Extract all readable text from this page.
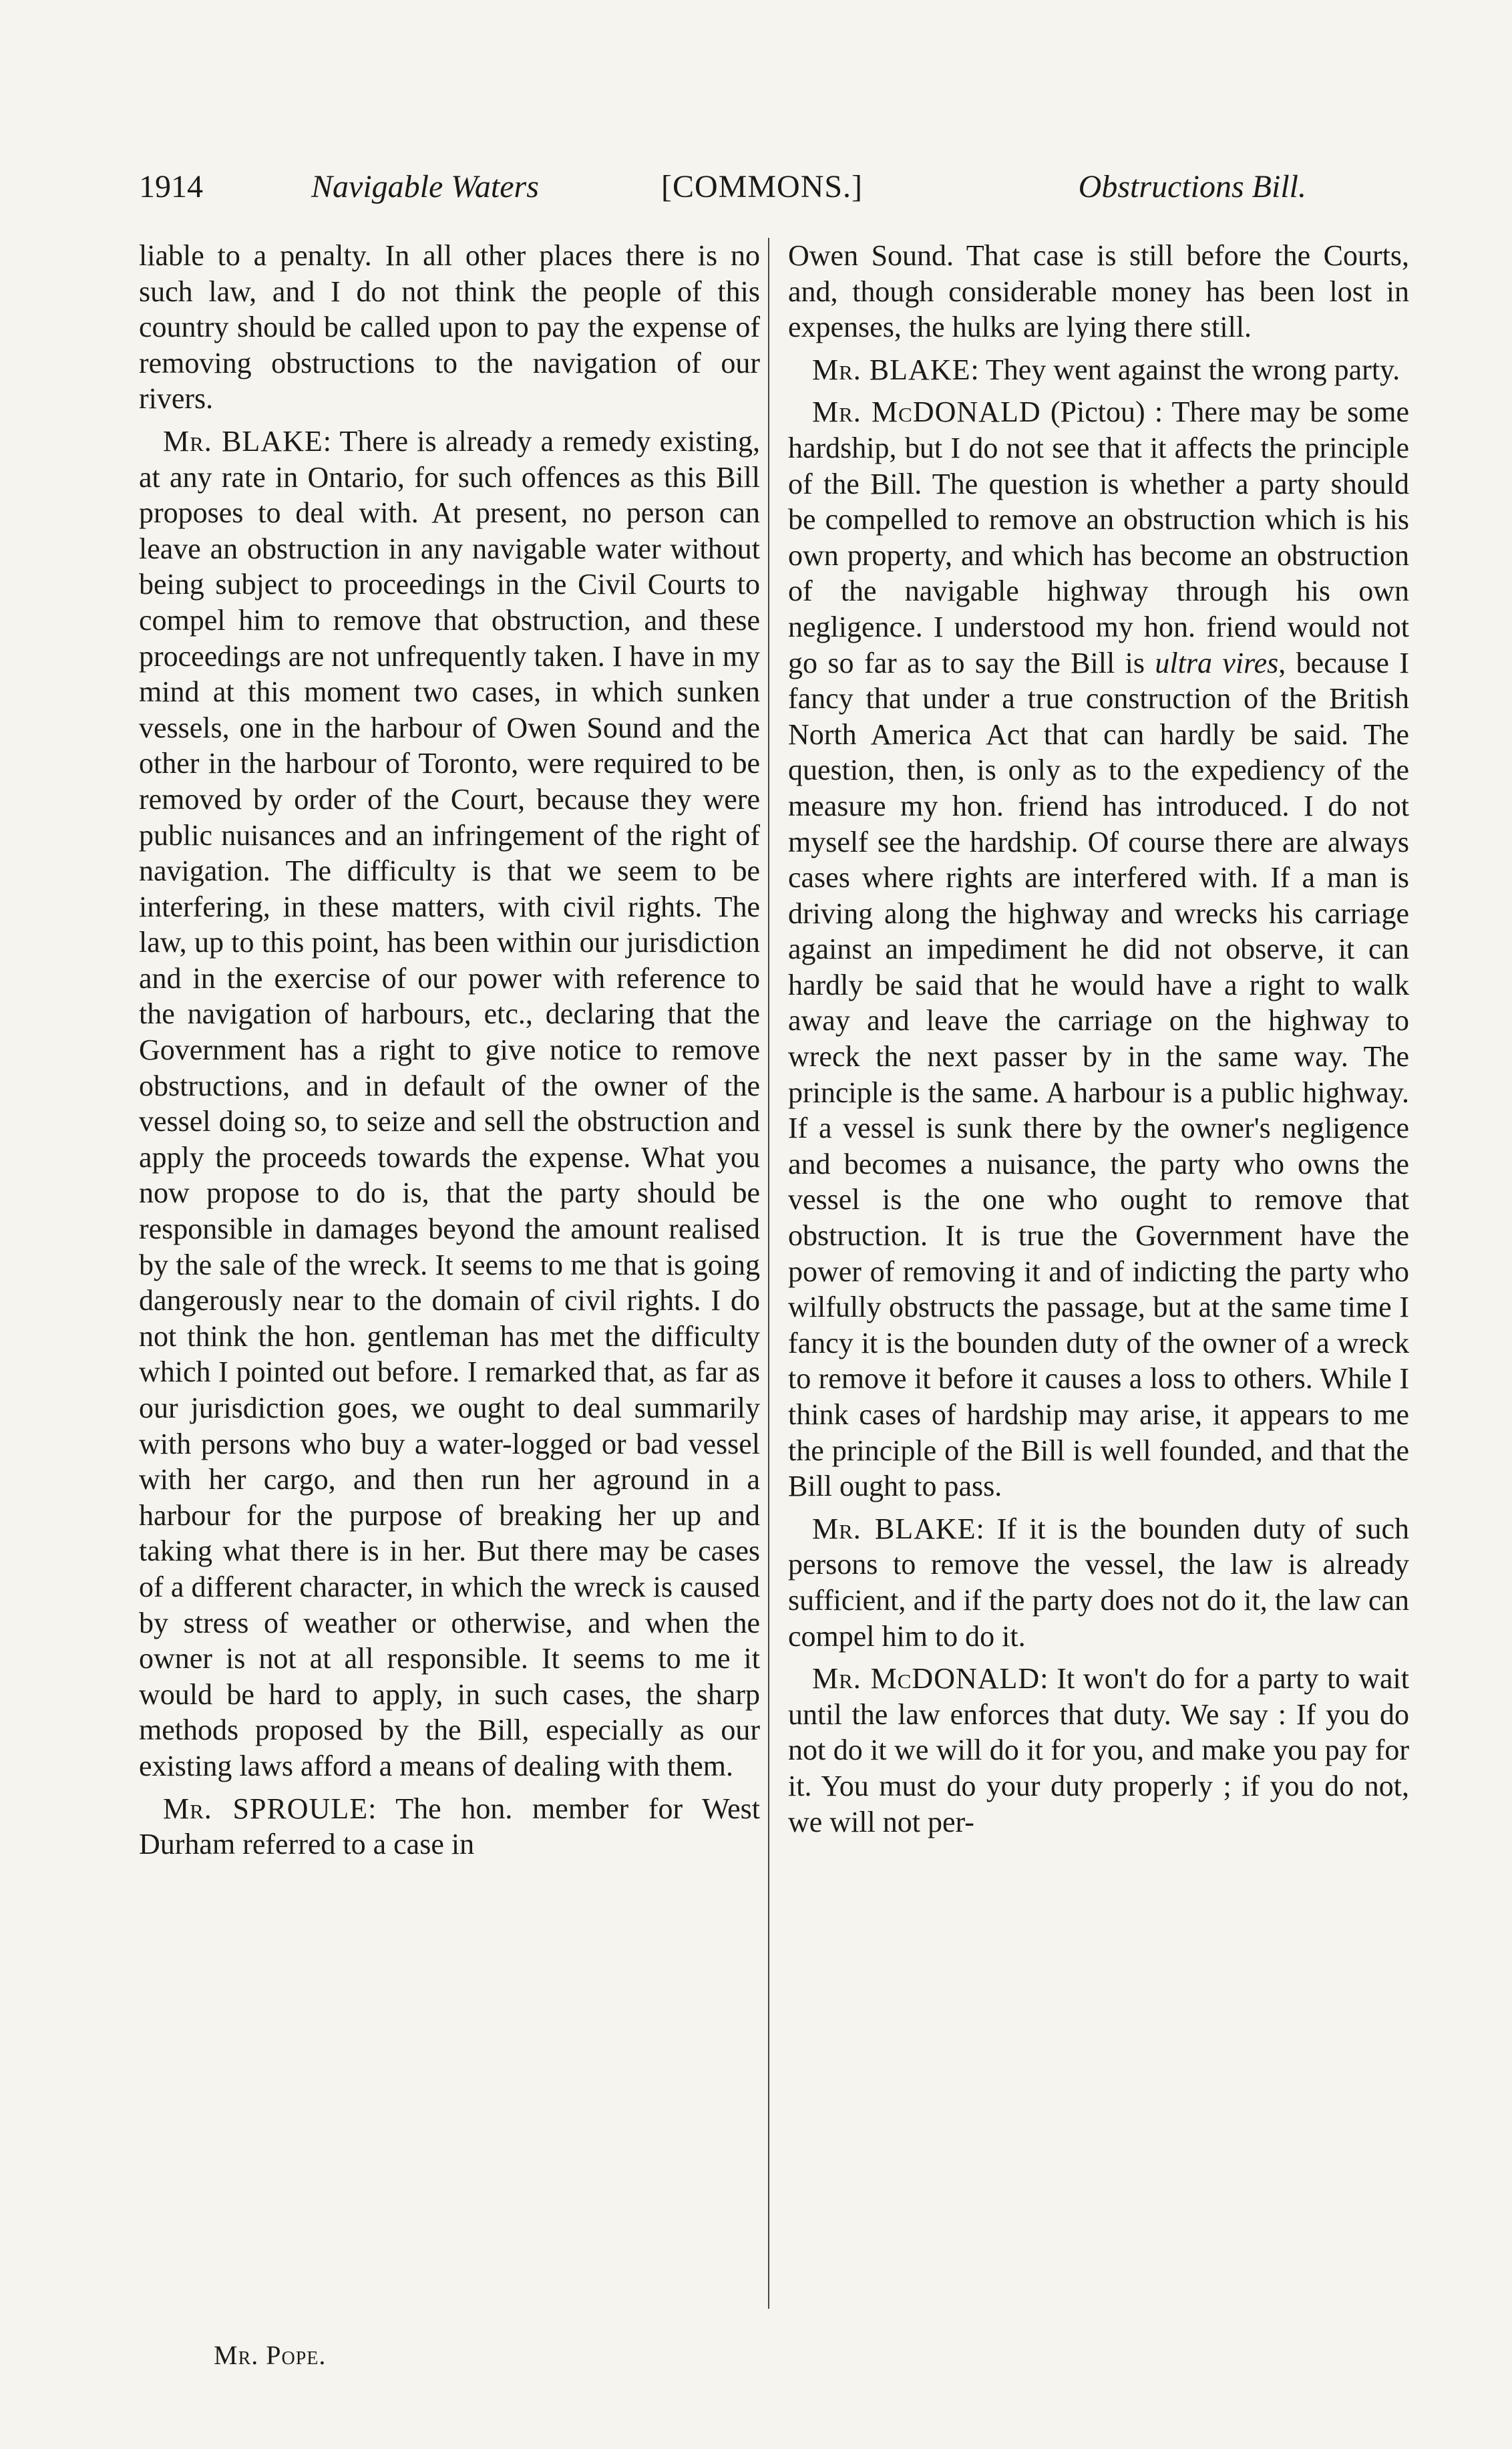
1914	Navigable Waters	[COMMONS.]	Obstructions Bill.

liable to a penalty. In all other places there is no such law, and I do not think the people of this country should be called upon to pay the expense of removing obstructions to the navigation of our rivers.

Mr. BLAKE: There is already a remedy existing, at any rate in Ontario, for such offences as this Bill proposes to deal with. At present, no person can leave an obstruction in any navigable water without being subject to proceedings in the Civil Courts to compel him to remove that obstruction, and these proceedings are not unfrequently taken. I have in my mind at this moment two cases, in which sunken vessels, one in the harbour of Owen Sound and the other in the harbour of Toronto, were required to be removed by order of the Court, because they were public nuisances and an infringement of the right of navigation. The difficulty is that we seem to be interfering, in these matters, with civil rights. The law, up to this point, has been within our jurisdiction and in the exercise of our power with reference to the navigation of harbours, etc., declaring that the Government has a right to give notice to remove obstructions, and in default of the owner of the vessel doing so, to seize and sell the obstruction and apply the proceeds towards the expense. What you now propose to do is, that the party should be responsible in damages beyond the amount realised by the sale of the wreck. It seems to me that is going dangerously near to the domain of civil rights. I do not think the hon. gentleman has met the difficulty which I pointed out before. I remarked that, as far as our jurisdiction goes, we ought to deal summarily with persons who buy a water-logged or bad vessel with her cargo, and then run her aground in a harbour for the purpose of breaking her up and taking what there is in her. But there may be cases of a different character, in which the wreck is caused by stress of weather or otherwise, and when the owner is not at all responsible. It seems to me it would be hard to apply, in such cases, the sharp methods proposed by the Bill, especially as our existing laws afford a means of dealing with them.

Mr. SPROULE: The hon. member for West Durham referred to a case in

Owen Sound. That case is still before the Courts, and, though considerable money has been lost in expenses, the hulks are lying there still.

Mr. BLAKE: They went against the wrong party.

Mr. McDONALD (Pictou) : There may be some hardship, but I do not see that it affects the principle of the Bill. The question is whether a party should be compelled to remove an obstruction which is his own property, and which has become an obstruction of the navigable highway through his own negligence. I understood my hon. friend would not go so far as to say the Bill is ultra vires, because I fancy that under a true construction of the British North America Act that can hardly be said. The question, then, is only as to the expediency of the measure my hon. friend has introduced. I do not myself see the hardship. Of course there are always cases where rights are interfered with. If a man is driving along the highway and wrecks his carriage against an impediment he did not observe, it can hardly be said that he would have a right to walk away and leave the carriage on the highway to wreck the next passer by in the same way. The principle is the same. A harbour is a public highway. If a vessel is sunk there by the owner's negligence and becomes a nuisance, the party who owns the vessel is the one who ought to remove that obstruction. It is true the Government have the power of removing it and of indicting the party who wilfully obstructs the passage, but at the same time I fancy it is the bounden duty of the owner of a wreck to remove it before it causes a loss to others. While I think cases of hardship may arise, it appears to me the principle of the Bill is well founded, and that the Bill ought to pass.

Mr. BLAKE: If it is the bounden duty of such persons to remove the vessel, the law is already sufficient, and if the party does not do it, the law can compel him to do it.

Mr. McDONALD: It won't do for a party to wait until the law enforces that duty. We say : If you do not do it we will do it for you, and make you pay for it. You must do your duty properly ; if you do not, we will not per-

Mr. Pope.
